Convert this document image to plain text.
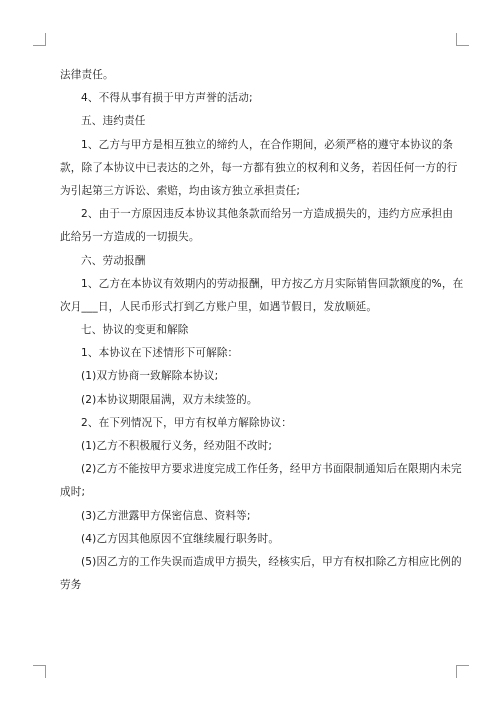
法律责任。
4、不得从事有损于甲方声誉的活动;
五、违约责任
1、乙方与甲方是相互独立的缔约人，在合作期间，必须严格的遵守本协议的条
款，除了本协议中已表达的之外，每一方都有独立的权利和义务，若因任何一方的行
为引起第三方诉讼、索赔，均由该方独立承担责任;
2、由于一方原因违反本协议其他条款而给另一方造成损失的，违约方应承担由
此给另一方造成的一切损失。
六、劳动报酬
1、乙方在本协议有效期内的劳动报酬，甲方按乙方月实际销售回款额度的%，在
次月___日，人民币形式打到乙方账户里，如遇节假日，发放顺延。
七、协议的变更和解除
1、本协议在下述情形下可解除：
(1)双方协商一致解除本协议;
(2)本协议期限届满，双方未续签的。
2、在下列情况下，甲方有权单方解除协议：
(1)乙方不积极履行义务，经劝阻不改时;
(2)乙方不能按甲方要求进度完成工作任务，经甲方书面限制通知后在限期内未完
成时;
(3)乙方泄露甲方保密信息、资料等;
(4)乙方因其他原因不宜继续履行职务时。
(5)因乙方的工作失误而造成甲方损失，经核实后，甲方有权扣除乙方相应比例的
劳务
